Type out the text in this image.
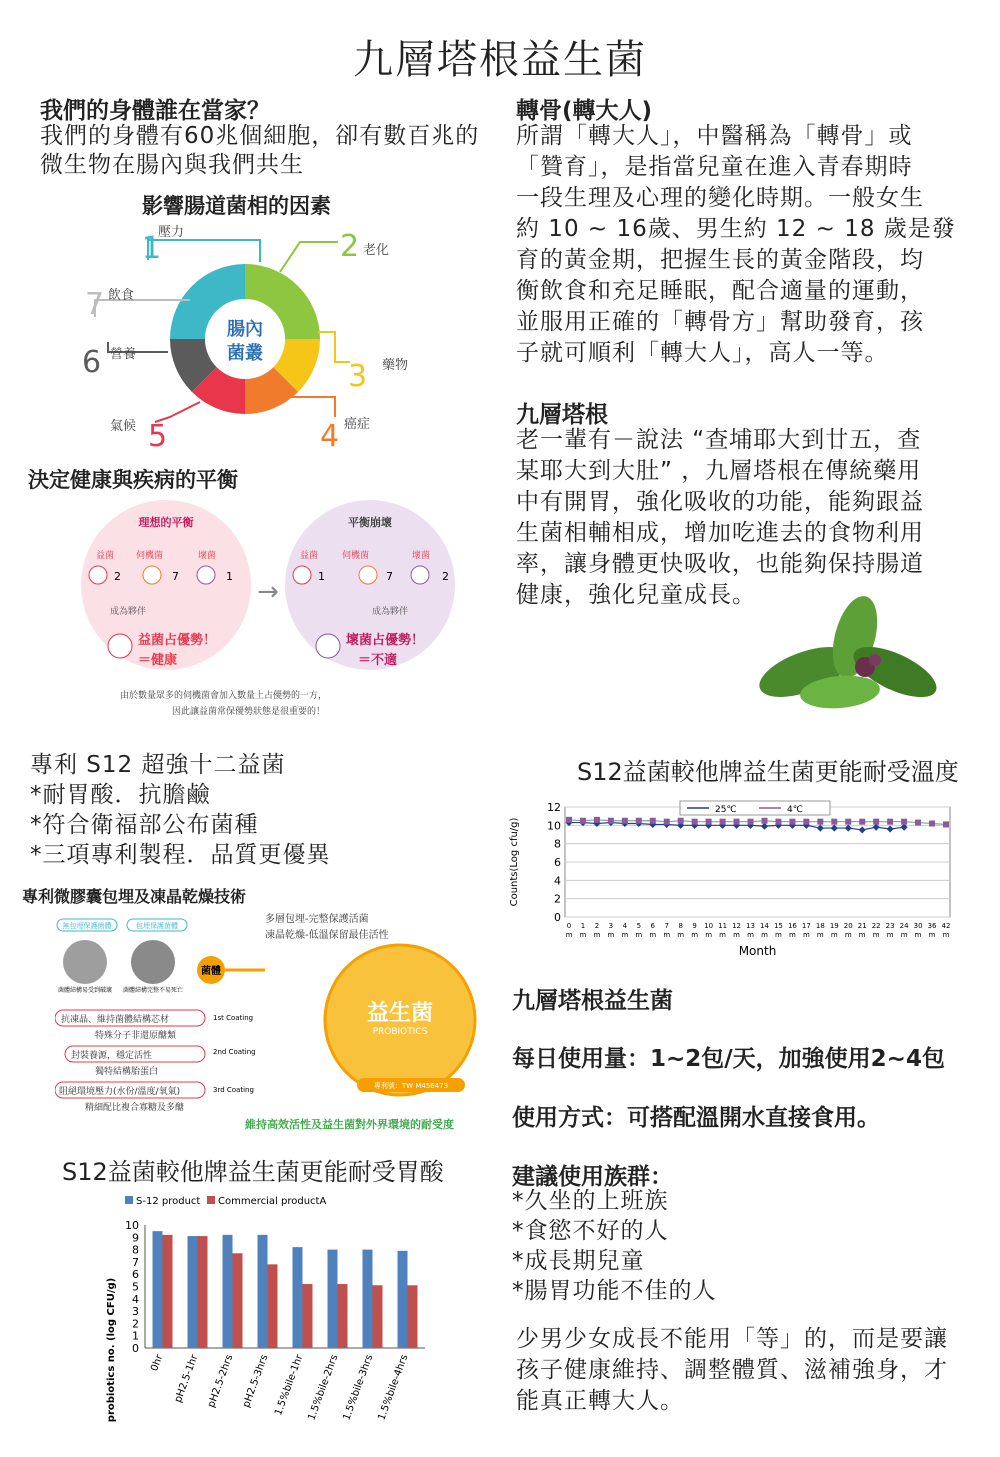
九層塔根益生菌
我們的身體誰在當家？
我們的身體有60兆個細胞，卻有數百兆的
微生物在腸內與我們共生
影響腸道菌相的因素
腸內
菌叢
1
壓力	2 老化
3 藥物
4 癌症
5
氣候
6 營養
7 飲食
決定健康與疾病的平衡
理想的平衡	平衡崩壞
益菌 伺機菌	壞菌	益菌	伺機菌	壞菌
2	7	1	1	7	2
成為夥伴	成為夥伴
→
益菌占優勢！
＝健康
壞菌占優勢！
＝不適
由於數量眾多的伺機菌會加入數量上占優勢的一方，
因此讓益菌常保優勢狀態是很重要的！
專利 S12 超強十二益菌
*耐胃酸．抗膽鹼
*符合衛福部公布菌種
*三項專利製程．品質更優異
專利微膠囊包埋及凍晶乾燥技術
無包埋保護菌體	包埋保護菌體
菌體結構易受到破壞 菌體結構完整不易死亡
菌體
多層包埋-完整保護活菌
凍晶乾燥-低溫保留最佳活性
益生菌
PROBIOTICS
專利號：TW M456473
抗凍晶、維持菌體結構芯材
特殊分子非還原醣類
封裝養源，穩定活性
獨特結構胎蛋白
阻絕環境壓力(水份/溫度/氧氣)
精細配比複合寡糖及多醣
1st Coating
2nd Coating
3rd Coating
維持高效活性及益生菌對外界環境的耐受度
S12益菌較他牌益生菌更能耐受胃酸
0
1
2
3
4
5
6
7
8
9
10
S-12 product Commercial productA
0hr pH2.5-1hr pH2.5-2hrs pH2.5-3hrs 1.5%bile-1hr 1.5%bile-2hrs 1.5%bile-3hrs 1.5%bile-4hrs
probiotics no. (log CFU/g)
轉骨(轉大人)
所謂「轉大人」，中醫稱為「轉骨」或
「贊育」，是指當兒童在進入青春期時
一段生理及心理的變化時期。一般女生
約 10 ~ 16歲、男生約 12 ~ 18 歲是發
育的黃金期，把握生長的黃金階段，均
衡飲食和充足睡眠，配合適量的運動，
並服用正確的「轉骨方」幫助發育，孩
子就可順利「轉大人」，高人一等。
九層塔根
老一輩有－說法 “查埔耶大到廿五，查
某耶大到大肚” ，九層塔根在傳統藥用
中有開胃，強化吸收的功能，能夠跟益
生菌相輔相成，增加吃進去的食物利用
率，讓身體更快吸收，也能夠保持腸道
健康，強化兒童成長。
S12益菌較他牌益生菌更能耐受溫度
0
2
4
6
8
10
12
0
m
1
m
2
m
3
m
4
m
5
m
6
m
7
m
8
m
9
m
10
m
11
m
12
m
13
m
14
m
15
m
16
m
17
m
18
m
19
m
20
m
21
m
22
m
23
m
24
m
30
m
36
m
42
m
Month
Counts(Log cfu/g)
25℃	4℃
九層塔根益生菌
每日使用量：1~2包/天，加強使用2~4包
使用方式：可搭配溫開水直接食用。
建議使用族群：
*久坐的上班族
*食慾不好的人
*成長期兒童
*腸胃功能不佳的人
少男少女成長不能用「等」的，而是要讓
孩子健康維持、調整體質、滋補強身，才
能真正轉大人。
